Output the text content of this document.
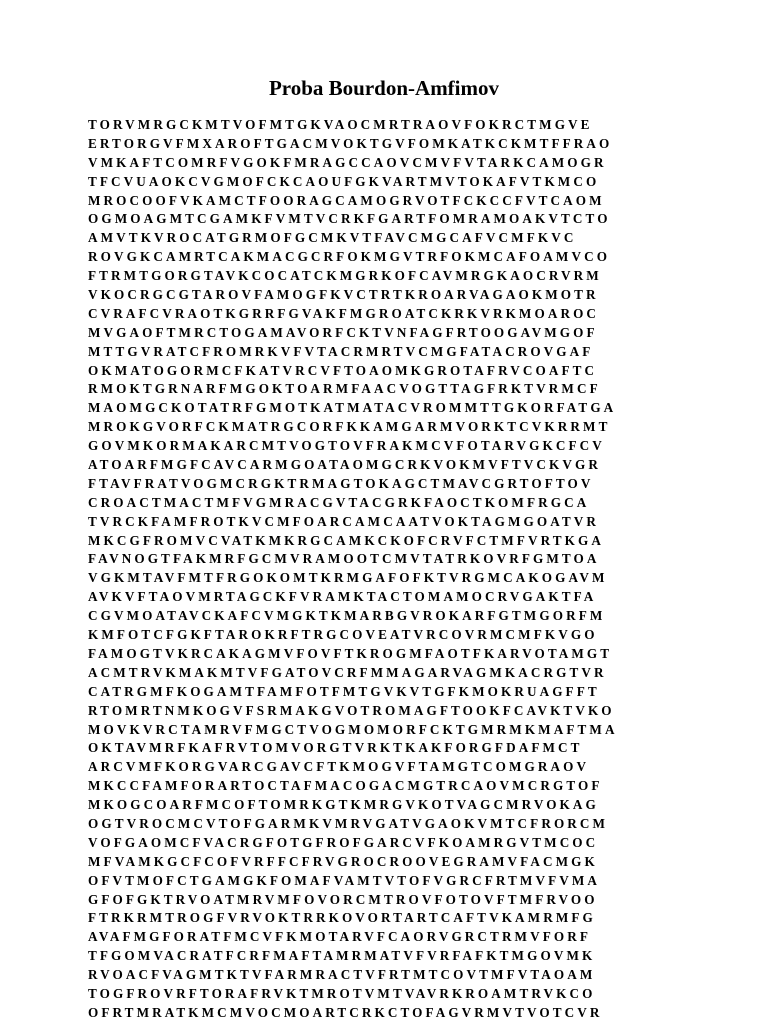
Proba Bourdon-Amfimov
TORVMRGCKMTVOFMTGKVAOCMRTRAOVFOKRCTMGVE
ERTORGVFMXAROFTGACMVOKTGVFOMKATKCKMTFFRAO
VMKAFTCOMRFVGOKFMRAGCCAOVCMVFVTARKCAMOGR
TFCVUAOKCVGMOFCKCAOUFGKVARTMVTOKAFVTKMCO
MROCOOFVKAMCTFOORAGCAMOGRVOTFCKCCFVTCAOM
OGMOAGMTCGAMKFVMTVCRKFGARTFOMRAMOAKVTCTO
AMVTKVROCATGRMOFGCMKVTFAVCMGCAFVCMFKVC
ROVGKCAMRTCAKMACGCRFOKMGVTRFOKMCAFOAMVCO
FTRMTGORGTAVKCOCATCKMGRKOFCAVMRGKAOCRVRM
VKOCRGCGTAROVFAMOGFKVCTRTKROARVAGAOKMOTR
CVRAFCVRAOTKGRRFGVAKFMGROATCKRKVRKMOAROC
MVGAOFTMRCTOGAMAVORFCKTVNFAGFRTOOGAVMGOF
MTTGVRATCFROMRKVFVTACRMRTVCMGFATACROVGAF
OKMATOGORMCFKATVRCVFTOAOMKGROTAFRVCOAFTC
RMOKTGRNARFMGOKTOARMFAACVOGTTAGFRKTVRMCF
MAOMGCKOTATRFGMOTKATMATACVROMMTTGKORFATGA
MROKGVORFCKMATRGCORFKKAMGARMVORKTCVKRRMT
GOVMKORMAKARCMTVOGTOVFRAKMCVFOTARVGKCFCV
ATOARFMGFCAVCARMGOATAOMGCRKVOKMVFTVCKVGR
FTAVFRATVOGMCRGKTRMAGTOKAGCTMAVCGRTOFTOV
CROACTMACTMFVGMRACGVTACGRKFAOCTKOMFRGCA
TVRCKFAMFROTKVCMFOARCAMCAATVOKTAGMGOATVR
MKCGFROMVCVATKMKRGCAMKCKOFCRVFCTMFVRTKGA
FAVNOGTFAKMRFGCMVRAMOOTCMVTATRKOVRFGMTOA
VGKMTAVFMTFRGOKOMTKRMGAFOFKTVRGMCAKOGAVM
AVKVFTAOVMRTAGCKFVRAMKTACTOMAMOCRVGAKTFA
CGVMOATAVCKAFCVMGKTKMARBGVROKARFGTMGORFM
KMFOTCFGKFTAROKRFTRGCOVEATVRCOVRMCMFKVGO
FAMOGTVKRCAKAGMVFOVFTKROGMFAOTFKARVOTAMGT
ACMTRVKMAKMTVFGATOVCRFMMAGARVAGMKACRGTVR
CATRGMFKOGAMTFAMFOTFMTGVKVTGFKMOKRUAGFFT
RTOMRTNMKOGVFSRMAKGVOTROMAGFTOOKFCAVKTVKO
MOVKVRCTAMRVFMGCTVOGMOMORFCKTGMRMKMAFTMA
OKTAVMRFKAFRVTOMVORGTVRKTKAKFORGFDAFMCT
ARCVMFKORGVARCGAVCFTKMOGVFTAMGTCOMGRAOV
MKCCFAMFORARTOCTAFMACOGACMGTRCAOVMCRGTOF
MKOGCOARFMCOFTOMRKGTKMRGVKOTVAGCMRVOKAG
OGTVROCMCVTOFGARMKVMRVGATVGAOKVMTCFRORCM
VOFGAOMCFVACRGFOTGFROFGARCVFKOAMRGVTMCOC
MFVAMKGCFCOFVRFFCFRVGROCROOVEGRAMVFACMGK
OFVTMOFCTGAMGKFOMAFVAMTVTOFVGRCFRTMVFVMA
GFOFGKTRVOATMRVMFOVORCMTROVFOTOVFTMFRVOO
FTRKRMTROGFVRVOKTRRKOVORTARTCAFTVKAMRMFG
AVAFMGFORATFMCVFKMOTARVFCAORVGRCTRMVFORF
TFGOMVACRATFCRFMAFTAMRMATVFVRFAFKTMGOVMK
RVOACFVAGMTKTVFARMRACTVFRTMTCOVTMFVTAOAM
TOGFROVRFTORAFRVKTMROTVMTVAVRKROAMTRVKCO
OFRTMRATKMCMVOCMOARTCRKCTOFAGVRMVTVOTCVR
